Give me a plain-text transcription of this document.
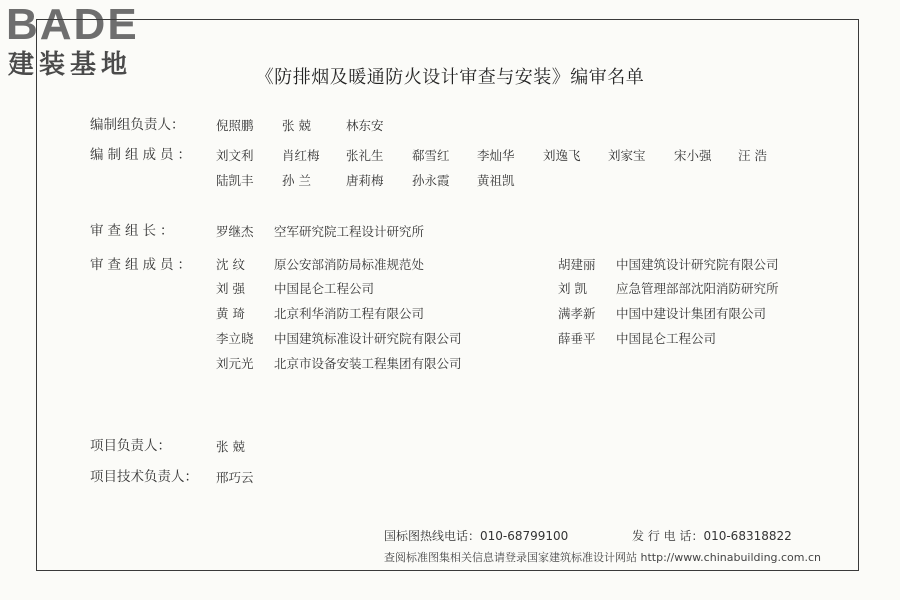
BADE
建装基地	《防排烟及暖通防火设计审查与安装》编审名单
编制组负责人：	倪照鹏 张 兢	林东安
编制组成员： 刘文利 肖红梅 张礼生 郗雪红 李灿华 刘逸飞 刘家宝 宋小强 汪 浩
陆凯丰 孙 兰	唐莉梅 孙永霞 黄祖凯
审查组长：	罗继杰 空军研究院工程设计研究所
审查组成员： 沈 纹 原公安部消防局标准规范处
刘 强 中国昆仑工程公司
黄 琦 北京利华消防工程有限公司
李立晓 中国建筑标准设计研究院有限公司
刘元光 北京市设备安装工程集团有限公司
胡建丽 中国建筑设计研究院有限公司
刘 凯 应急管理部部沈阳消防研究所
满孝新 中国中建设计集团有限公司
薛垂平 中国昆仑工程公司
项目负责人：	张 兢
项目技术负责人： 邢巧云
国标图热线电话：010-68799100	发 行 电 话：010-68318822
查阅标准图集相关信息请登录国家建筑标准设计网站 http://www.chinabuilding.com.cn
